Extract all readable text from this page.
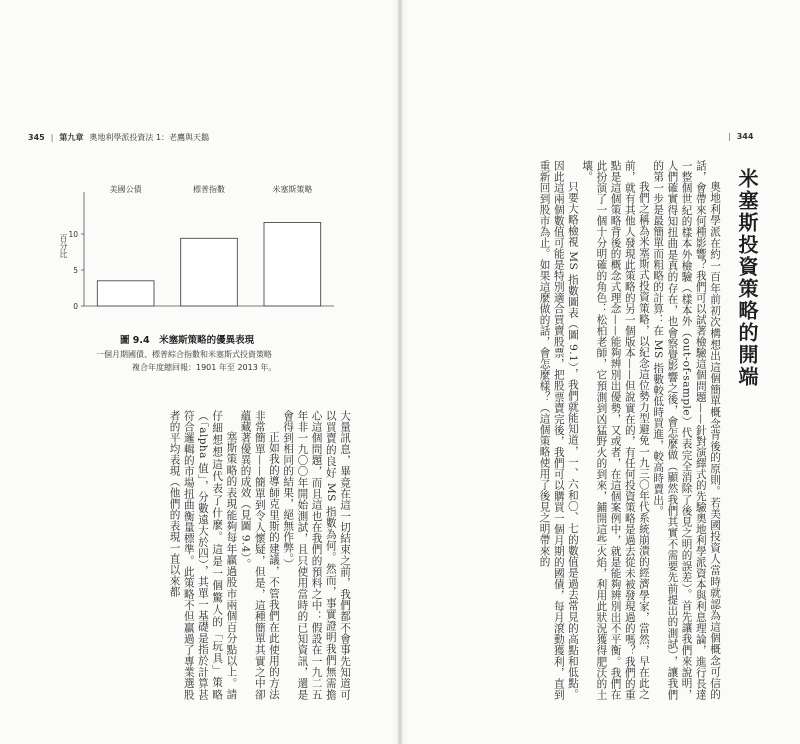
345 | 第九章 奧地利學派投資法 1：老鷹與天鵝	| 344
0
5
10
美國公債	標普指數	米塞斯策略
百分比
圖 9.4　米塞斯策略的優異表現
一個月期國債、標普綜合指數和米塞斯式投資策略
複合年度總回報：1901 年至 2013 年。	米塞斯投資策略的開端

奧地利學派在約一百年前初次構想出這個簡單概念背後的原則。若美國投資人當時就認為這個概念可信的話，會帶來何種影響？我們可以試著檢驗這個問題——針對演繹式的先驗奧地利學派資本與利息理論，進行長達一整個世紀的樣本外檢驗（樣本外（out-of-sample）代表完全消除了後見之明的誤差）。首先讓我們來說明，人們確實得知扭曲是真的存在，也會察覺影響之後，會怎麼做（顯然我們其實不需要先前提出的測試），讓我們的第一步是最簡單而粗略的計算：在 MS 指數較低時買進，較高時賣出。

我們之稱為米塞斯式投資策略，以紀念這位勢力型避免一九三〇年代系統崩潰的經濟學家，當然，早在此之前，就有其他人發現此策略的另一個版本——但說實在的，有任何投資策略是過去從未被發現過的嗎？我們的重點是這個策略背後的概念式理念——能夠辨別出優勢，又或者，在這個案例中，就是能夠辨別出不平衡。我們在此扮演了一個十分明確的角色：松柏老師，它預測到凶猛野火的到來，鋪開這些火焰，利用此狀況獲得肥沃的土壤。

只要大略檢視 MS 指數圖表（圖 9.1），我們就能知道，一、六和〇、七的數值是過去常見的高點和低點。因此這兩個數值可能是特別適合買賣股票，把股票賣完後，我們可以購買一個月期的國債，每月滾動獲利，直到重新回到股市為止。如果這麼做的話，會怎麼樣？（這個策略使用了後見之明帶來的

大量訊息，畢竟在這一切結束之前，我們都不會事先知道可以買賣的良好 MS 指數為何。然而，事實證明我們無需擔心這個問題，而且這也在我們的預料之中：假設在一九二五年非一九〇〇年開始測試，且只使用當時的已知資訊，還是會得到相同的結果，絕無作弊。）

正如我的導師克里斯的建議，不管我們在此使用的方法非常簡單——簡單到令人懷疑，但是，這種簡單其實之中卻蘊藏著優異的成效（見圖 9.4）。

塞斯策略的表現能夠每年贏過股市兩個百分點以上。請仔細想想這代表了什麼。這是一個驚人的「玩具」策略（「alpha 值」，分數遠大於四），其單一基礎是指於計算甚符合邏輯的市場扭曲衡量標準。此策略不但贏過了專業選股者的平均表現（他們的表現一直以來都
